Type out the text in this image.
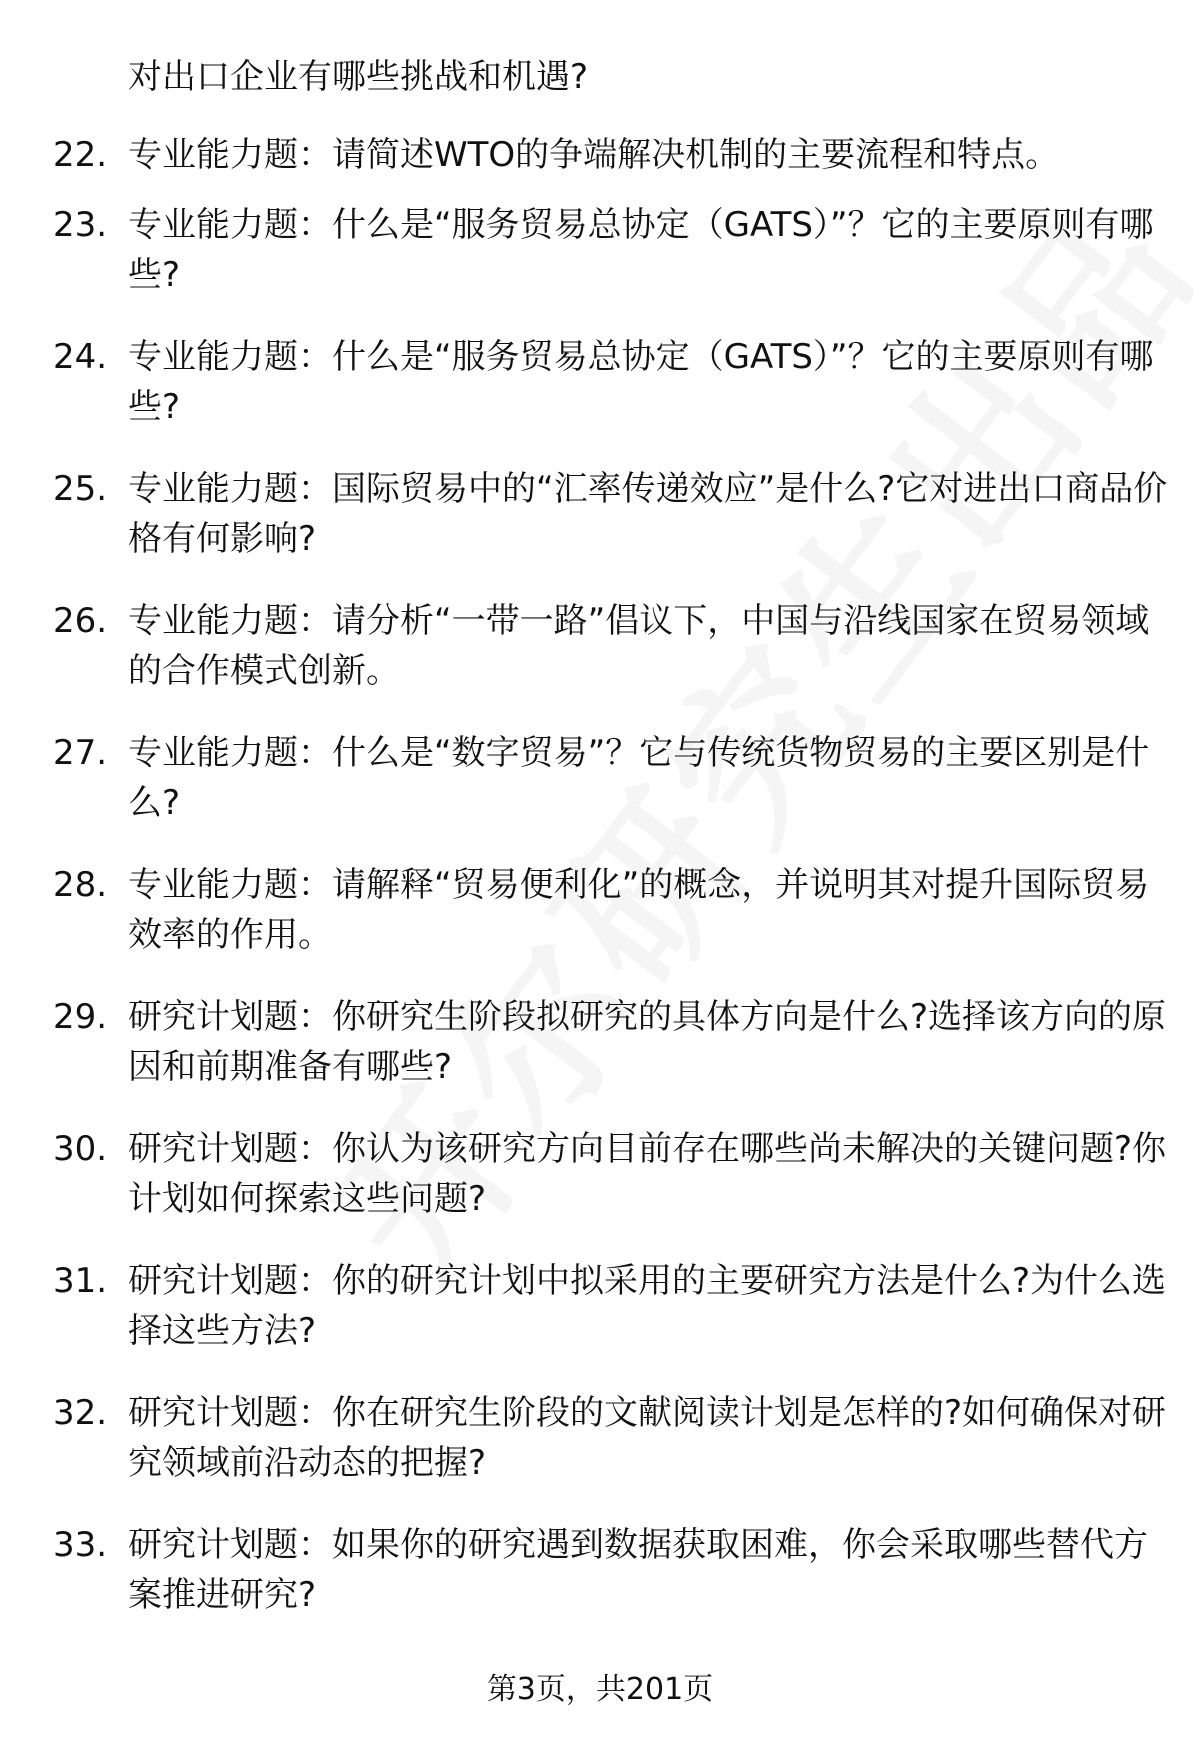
对出口企业有哪些挑战和机遇?
22. 专业能力题：请简述WTO的争端解决机制的主要流程和特点。
23. 专业能力题：什么是“服务贸易总协定（GATS）”？它的主要原则有哪些?
24. 专业能力题：什么是“服务贸易总协定（GATS）”？它的主要原则有哪些?
25. 专业能力题：国际贸易中的“汇率传递效应”是什么?它对进出口商品价格有何影响?
26. 专业能力题：请分析“一带一路”倡议下，中国与沿线国家在贸易领域的合作模式创新。
27. 专业能力题：什么是“数字贸易”？它与传统货物贸易的主要区别是什么?
28. 专业能力题：请解释“贸易便利化”的概念，并说明其对提升国际贸易效率的作用。
29. 研究计划题：你研究生阶段拟研究的具体方向是什么?选择该方向的原因和前期准备有哪些?
30. 研究计划题：你认为该研究方向目前存在哪些尚未解决的关键问题?你计划如何探索这些问题?
31. 研究计划题：你的研究计划中拟采用的主要研究方法是什么?为什么选择这些方法?
32. 研究计划题：你在研究生阶段的文献阅读计划是怎样的?如何确保对研究领域前沿动态的把握?
33. 研究计划题：如果你的研究遇到数据获取困难，你会采取哪些替代方案推进研究?
第3页，共201页
